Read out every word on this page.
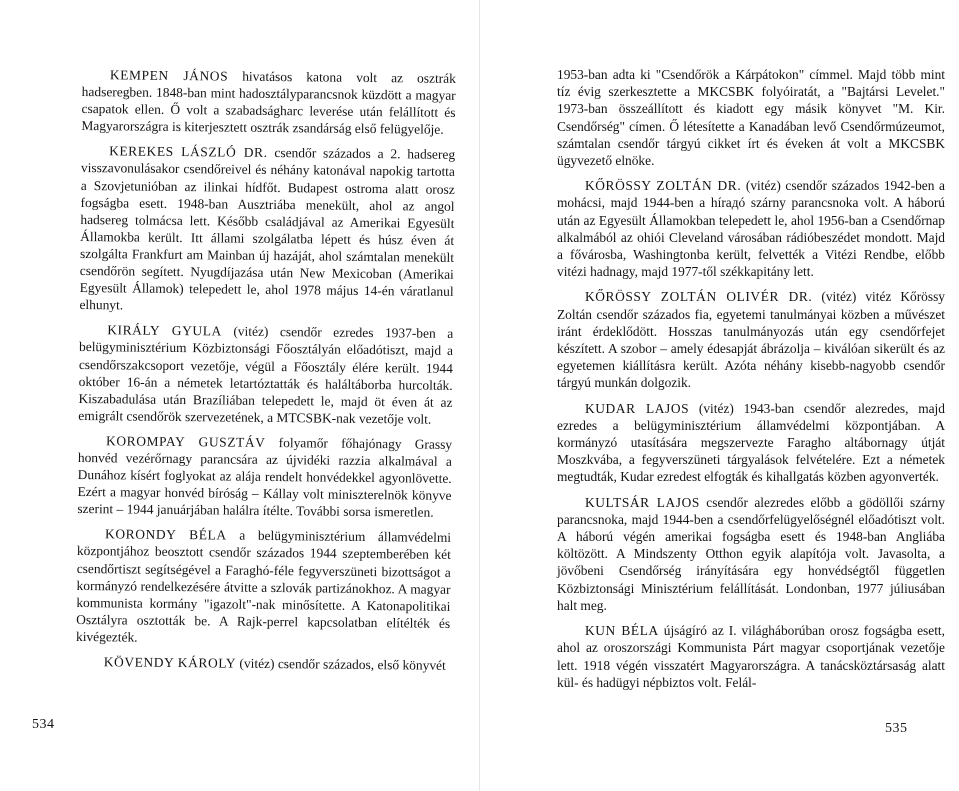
KEMPEN JÁNOS hivatásos katona volt az osztrák hadseregben. 1848-ban mint hadosztályparancsnok küzdött a magyar csapatok ellen. Ő volt a szabadságharc leverése után felállított és Magyarországra is kiterjesztett osztrák zsandárság első felügyelője.

KEREKES LÁSZLÓ DR. csendőr százados a 2. hadsereg visszavonulásakor csendőreivel és néhány katonával napokig tartotta a Szovjetunióban az ilinkai hídfőt. Budapest ostroma alatt orosz fogságba esett. 1948-ban Ausztriába menekült, ahol az angol hadsereg tolmácsa lett. Később családjával az Amerikai Egyesült Államokba került. Itt állami szolgálatba lépett és húsz éven át szolgálta Frankfurt am Mainban új hazáját, ahol számtalan menekült csendőrön segített. Nyugdíjazása után New Mexicoban (Amerikai Egyesült Államok) telepedett le, ahol 1978 május 14-én váratlanul elhunyt.

KIRÁLY GYULA (vitéz) csendőr ezredes 1937-ben a belügyminisztérium Közbiztonsági Főosztályán előadótiszt, majd a csendőrszakcsoport vezetője, végül a Főosztály élére került. 1944 október 16-án a németek letartóztatták és haláltáborba hurcolták. Kiszabadulása után Brazíliában telepedett le, majd öt éven át az emigrált csendőrök szervezetének, a MTCSBK-nak vezetője volt.

KOROMPAY GUSZTÁV folyamőr főhajónagy Grassy honvéd vezérőrnagy parancsára az újvidéki razzia alkalmával a Dunához kísért foglyokat az alája rendelt honvédekkel agyonlövette. Ezért a magyar honvéd bíróság – Kállay volt miniszterelnök könyve szerint – 1944 januárjában halálra ítélte. További sorsa ismeretlen.

KORONDY BÉLA a belügyminisztérium államvédelmi központjához beosztott csendőr százados 1944 szeptemberében két csendőrtiszt segítségével a Faraghó-féle fegyverszüneti bizottságot a kormányzó rendelkezésére átvitte a szlovák partizánokhoz. A magyar kommunista kormány "igazolt"-nak minősítette. A Katonapolitikai Osztályra osztották be. A Rajk-perrel kapcsolatban elítélték és kivégezték.

KÖVENDY KÁROLY (vitéz) csendőr százados, első könyvét

534

1953-ban adta ki "Csendőrök a Kárpátokon" címmel. Majd több mint tíz évig szerkesztette a MKCSBK folyóiratát, a "Bajtársi Levelet." 1973-ban összeállított és kiadott egy másik könyvet "M. Kir. Csendőrség" címen. Ő létesítette a Kanadában levő Csendőrmúzeumot, számtalan csendőr tárgyú cikket írt és éveken át volt a MKCSBK ügyvezető elnöke.

KŐRÖSSY ZOLTÁN DR. (vitéz) csendőr százados 1942-ben a mohácsi, majd 1944-ben a hírадó szárny parancsnoka volt. A háború után az Egyesült Államokban telepedett le, ahol 1956-ban a Csendőrnap alkalmából az ohiói Cleveland városában rádióbeszédet mondott. Majd a fővárosba, Washingtonba került, felvették a Vitézi Rendbe, előbb vitézi hadnagy, majd 1977-től székkapitány lett.

KŐRÖSSY ZOLTÁN OLIVÉR DR. (vitéz) vitéz Kőrössy Zoltán csendőr százados fia, egyetemi tanulmányai közben a művészet iránt érdeklődött. Hosszas tanulmányozás után egy csendőrfejet készített. A szobor – amely édesapját ábrázolja – kiválóan sikerült és az egyetemen kiállításra került. Azóta néhány kisebb-nagyobb csendőr tárgyú munkán dolgozik.

KUDAR LAJOS (vitéz) 1943-ban csendőr alezredes, majd ezredes a belügyminisztérium államvédelmi központjában. A kormányzó utasítására megszervezte Faragho altábornagy útját Moszkvába, a fegyverszüneti tárgyalások felvételére. Ezt a németek megtudták, Kudar ezredest elfogták és kihallgatás közben agyonverték.

KULTSÁR LAJOS csendőr alezredes előbb a gödöllői szárny parancsnoka, majd 1944-ben a csendőrfelügyelőségnél előadótiszt volt. A háború végén amerikai fogságba esett és 1948-ban Angliába költözött. A Mindszenty Otthon egyik alapítója volt. Javasolta, a jövőbeni Csendőrség irányítására egy honvédségtől független Közbiztonsági Minisztérium felállítását. Londonban, 1977 júliusában halt meg.

KUN BÉLA újságíró az I. világháborúban orosz fogságba esett, ahol az oroszországi Kommunista Párt magyar csoportjának vezetője lett. 1918 végén visszatért Magyarországra. A tanácsköztársaság alatt kül- és hadügyi népbiztos volt. Felál-

535
